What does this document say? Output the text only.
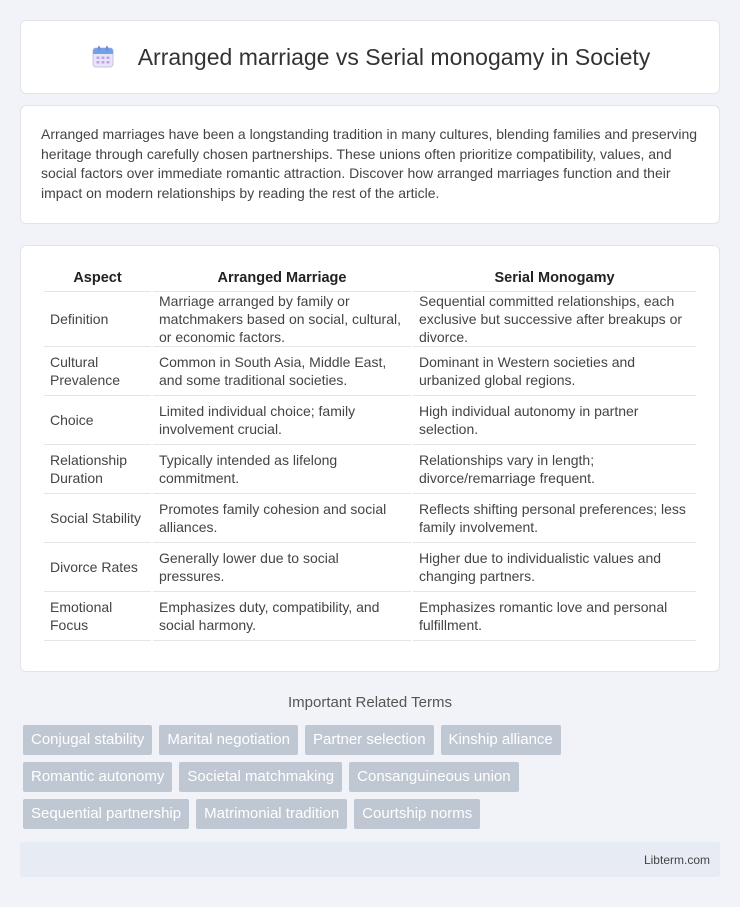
Arranged marriage vs Serial monogamy in Society

Arranged marriages have been a longstanding tradition in many cultures, blending families and preserving heritage through carefully chosen partnerships. These unions often prioritize compatibility, values, and social factors over immediate romantic attraction. Discover how arranged marriages function and their impact on modern relationships by reading the rest of the article.

Aspect	Arranged Marriage	Serial Monogamy
Definition	Marriage arranged by family or matchmakers based on social, cultural, or economic factors.	Sequential committed relationships, each exclusive but successive after breakups or divorce.
Cultural Prevalence	Common in South Asia, Middle East, and some traditional societies.	Dominant in Western societies and urbanized global regions.
Choice	Limited individual choice; family involvement crucial.	High individual autonomy in partner selection.
Relationship Duration	Typically intended as lifelong commitment.	Relationships vary in length; divorce/remarriage frequent.
Social Stability	Promotes family cohesion and social alliances.	Reflects shifting personal preferences; less family involvement.
Divorce Rates	Generally lower due to social pressures.	Higher due to individualistic values and changing partners.
Emotional Focus	Emphasizes duty, compatibility, and social harmony.	Emphasizes romantic love and personal fulfillment.
Important Related Terms
Conjugal stability	Marital negotiation	Partner selection	Kinship alliance
Romantic autonomy	Societal matchmaking	Consanguineous union
Sequential partnership	Matrimonial tradition	Courtship norms
Libterm.com
